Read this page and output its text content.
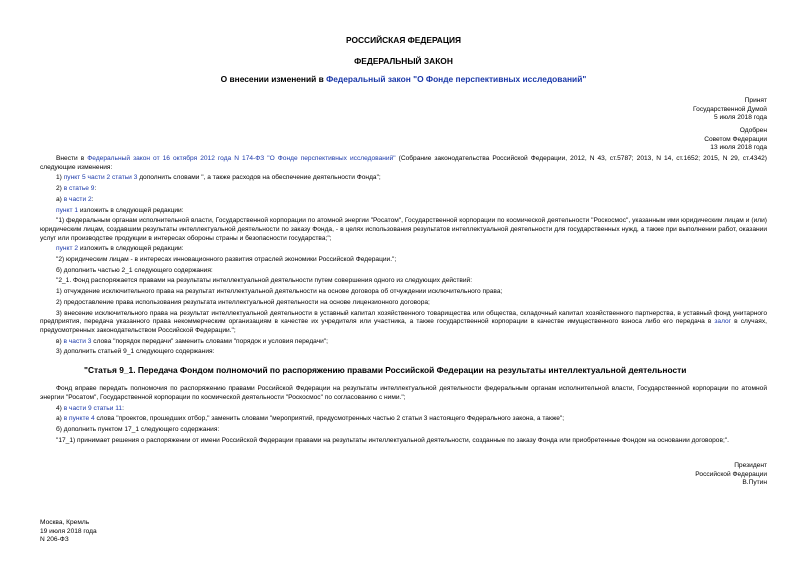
РОССИЙСКАЯ ФЕДЕРАЦИЯ
ФЕДЕРАЛЬНЫЙ ЗАКОН
О внесении изменений в Федеральный закон "О Фонде перспективных исследований"
Принят
Государственной Думой
5 июля 2018 года
Одобрен
Советом Федерации
13 июля 2018 года

Внести в Федеральный закон от 16 октября 2012 года N 174-ФЗ "О Фонде перспективных исследований" (Собрание законодательства Российской Федерации, 2012, N 43, ст.5787; 2013, N 14, ст.1652; 2015, N 29, ст.4342) следующие изменения:

1) пункт 5 части 2 статьи 3 дополнить словами ", а также расходов на обеспечение деятельности Фонда";

2) в статье 9:

а) в части 2:

пункт 1 изложить в следующей редакции:

"1) федеральным органам исполнительной власти, Государственной корпорации по атомной энергии "Росатом", Государственной корпорации по космической деятельности "Роскосмос", указанным ими юридическим лицам и (или) юридическим лицам, создавшим результаты интеллектуальной деятельности по заказу Фонда, - в целях использования результатов интеллектуальной деятельности для государственных нужд, а также при выполнении работ, оказании услуг или производстве продукции в интересах обороны страны и безопасности государства;";

пункт 2 изложить в следующей редакции:

"2) юридическим лицам - в интересах инновационного развития отраслей экономики Российской Федерации.";

б) дополнить частью 2_1 следующего содержания:

"2_1. Фонд распоряжается правами на результаты интеллектуальной деятельности путем совершения одного из следующих действий:

1) отчуждение исключительного права на результат интеллектуальной деятельности на основе договора об отчуждении исключительного права;

2) предоставление права использования результата интеллектуальной деятельности на основе лицензионного договора;

3) внесение исключительного права на результат интеллектуальной деятельности в уставный капитал хозяйственного товарищества или общества, складочный капитал хозяйственного партнерства, в уставный фонд унитарного предприятия, передача указанного права некоммерческим организациям в качестве их учредителя или участника, а также государственной корпорации в качестве имущественного взноса либо его передача в залог в случаях, предусмотренных законодательством Российской Федерации.";

в) в части 3 слова "порядок передачи" заменить словами "порядок и условия передачи";

3) дополнить статьей 9_1 следующего содержания:

"Статья 9_1. Передача Фондом полномочий по распоряжению правами Российской Федерации на результаты интеллектуальной деятельности

Фонд вправе передать полномочия по распоряжению правами Российской Федерации на результаты интеллектуальной деятельности федеральным органам исполнительной власти, Государственной корпорации по атомной энергии "Росатом", Государственной корпорации по космической деятельности "Роскосмос" по согласованию с ними.";

4) в части 9 статьи 11:

а) в пункте 4 слова "проектов, прошедших отбор," заменить словами "мероприятий, предусмотренных частью 2 статьи 3 настоящего Федерального закона, а также";

б) дополнить пунктом 17_1 следующего содержания:

"17_1) принимает решения о распоряжении от имени Российской Федерации правами на результаты интеллектуальной деятельности, созданные по заказу Фонда или приобретенные Фондом на основании договоров;".

Президент
Российской Федерации
В.Путин
Москва, Кремль
19 июля 2018 года
N 206-ФЗ
